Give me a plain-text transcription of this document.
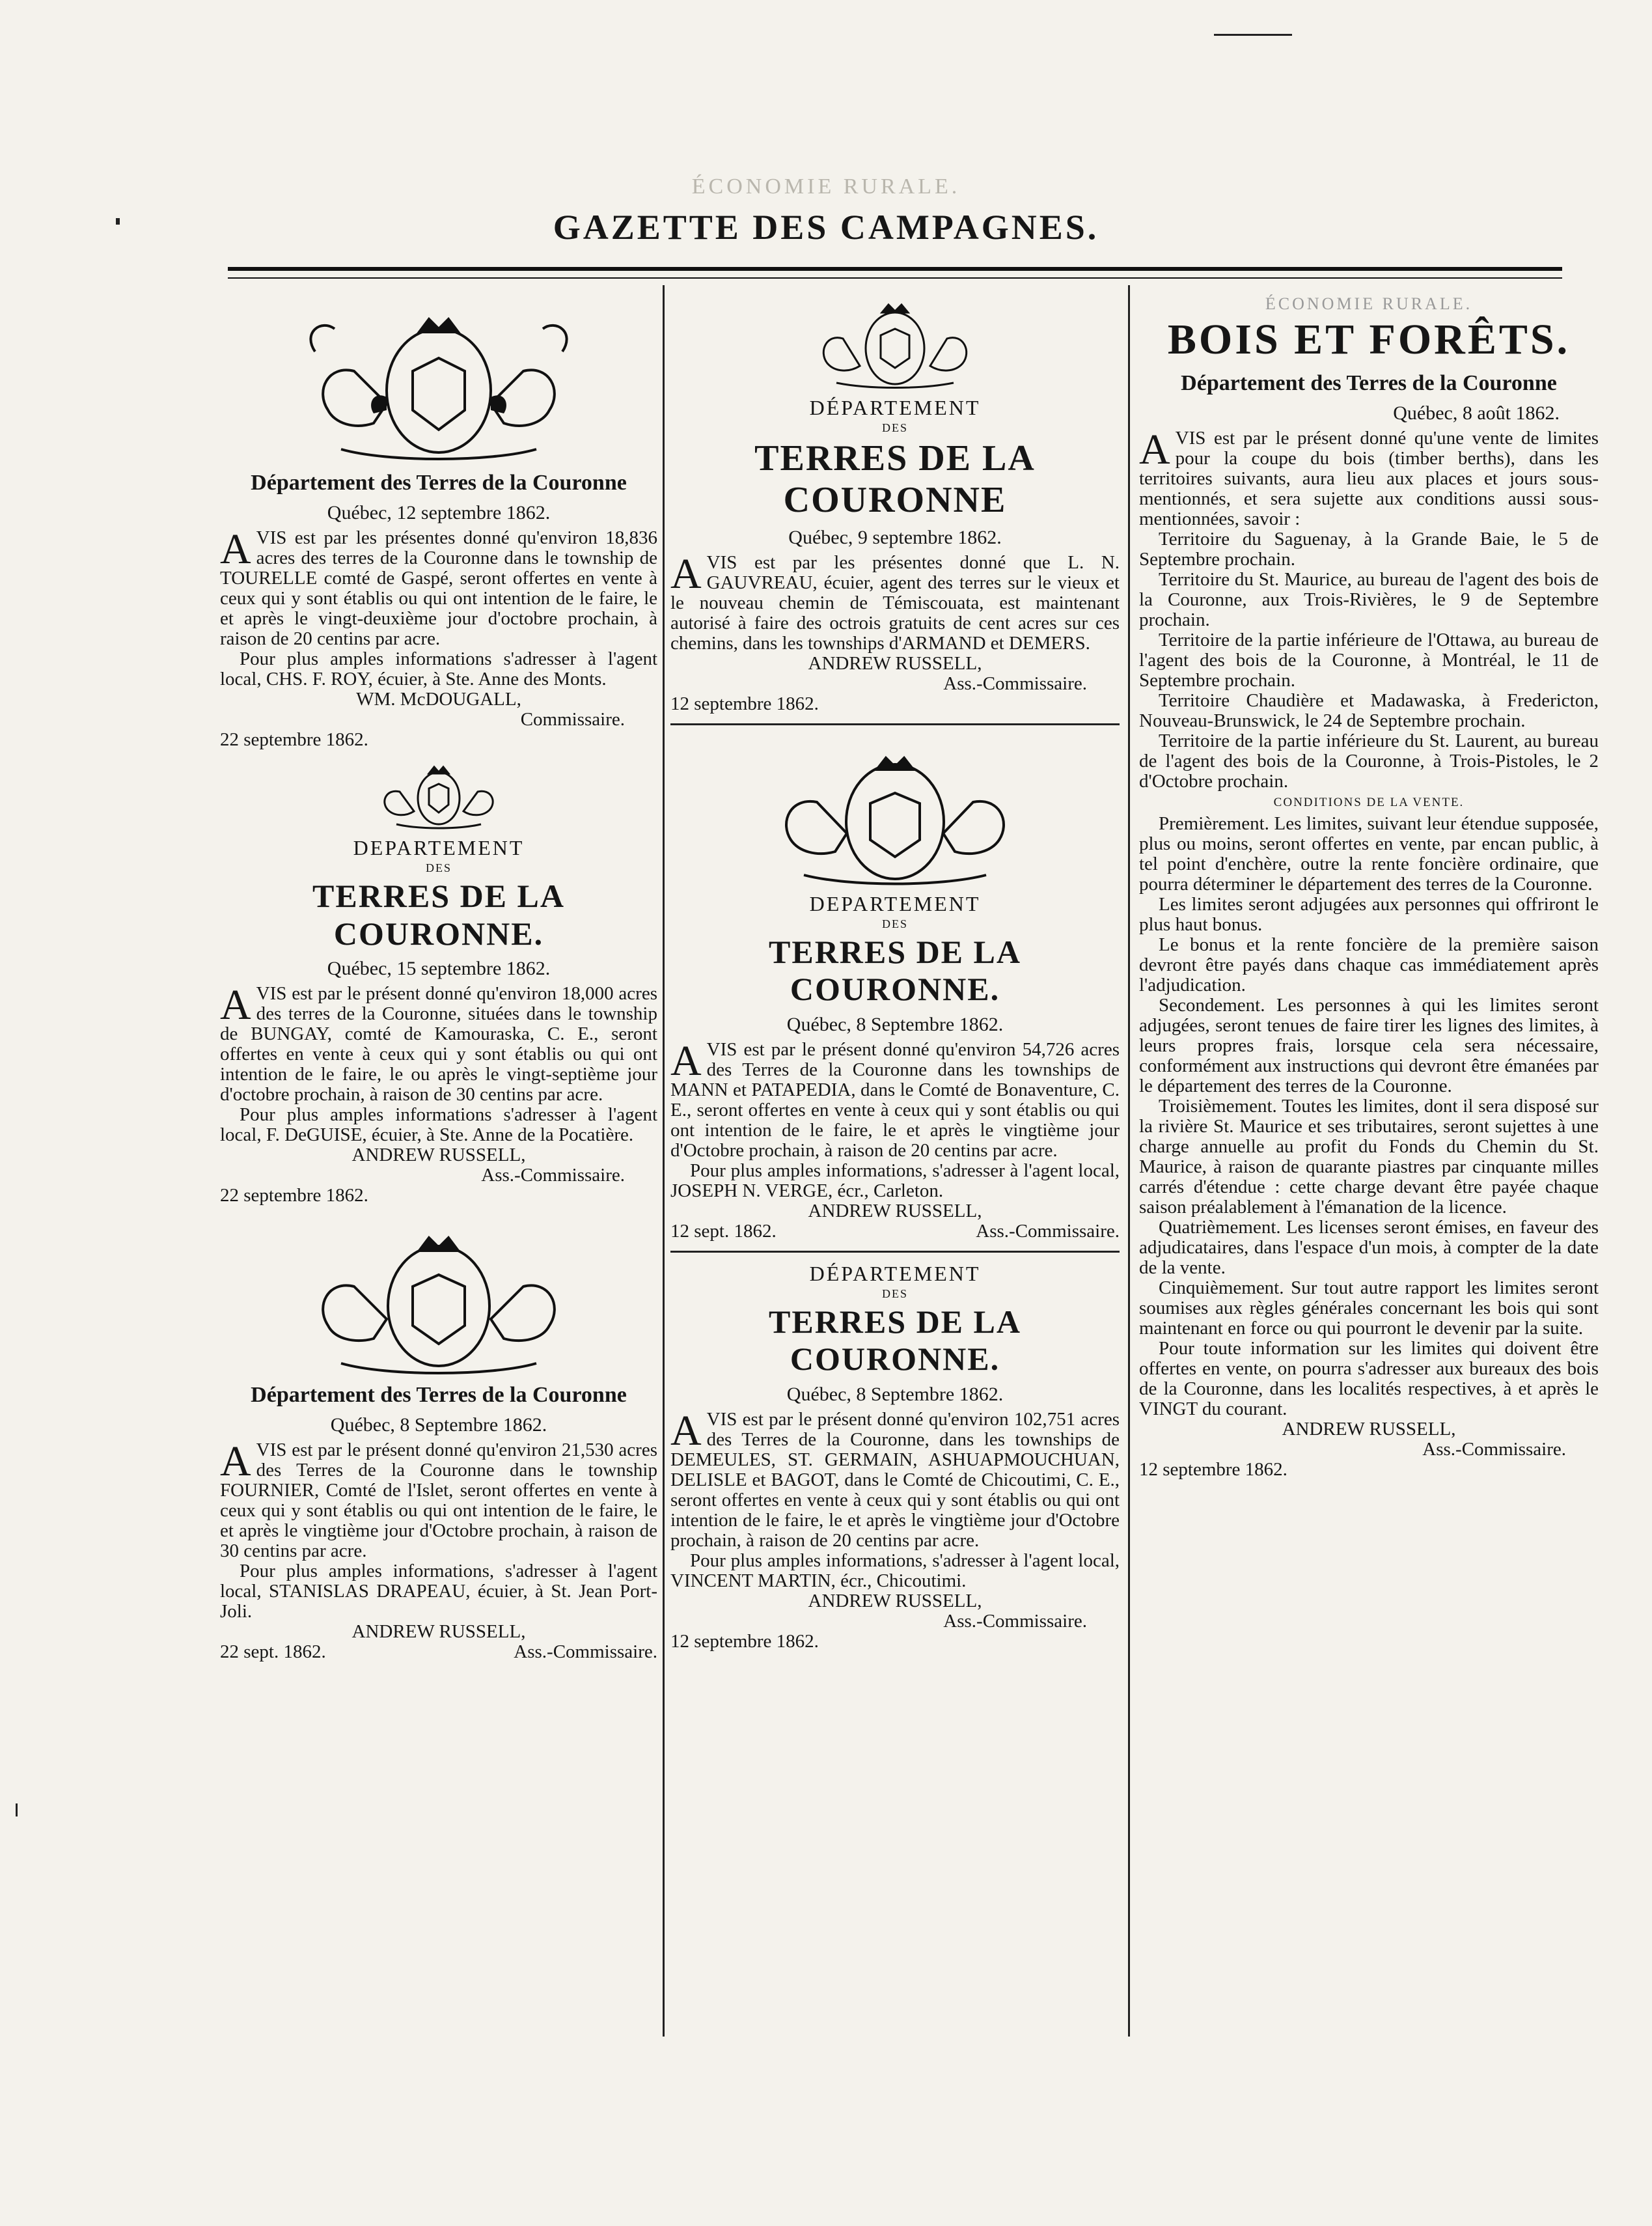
ÉCONOMIE RURALE.
GAZETTE DES CAMPAGNES.
Département des Terres de la Couronne
Québec, 12 septembre 1862.

AVIS est par les présentes donné qu'environ 18,836 acres des terres de la Couronne dans le township de TOURELLE comté de Gaspé, seront offertes en vente à ceux qui y sont établis ou qui ont intention de le faire, le et après le vingt-deuxième jour d'octobre prochain, à raison de 20 centins par acre.

Pour plus amples informations s'adresser à l'agent local, CHS. F. ROY, écuier, à Ste. Anne des Monts.

WM. McDOUGALL,
Commissaire.
22 septembre 1862.
DEPARTEMENT
DES
TERRES DE LA COURONNE.
Québec, 15 septembre 1862.

AVIS est par le présent donné qu'environ 18,000 acres des terres de la Couronne, situées dans le township de BUNGAY, comté de Kamouraska, C. E., seront offertes en vente à ceux qui y sont établis ou qui ont intention de le faire, le ou après le vingt-septième jour d'octobre prochain, à raison de 30 centins par acre.

Pour plus amples informations s'adresser à l'agent local, F. DeGUISE, écuier, à Ste. Anne de la Pocatière.

ANDREW RUSSELL,
Ass.-Commissaire.
22 septembre 1862.
Département des Terres de la Couronne
Québec, 8 Septembre 1862.

AVIS est par le présent donné qu'environ 21,530 acres des Terres de la Couronne dans le township FOURNIER, Comté de l'Islet, seront offertes en vente à ceux qui y sont établis ou qui ont intention de le faire, le et après le vingtième jour d'Octobre prochain, à raison de 30 centins par acre.

Pour plus amples informations, s'adresser à l'agent local, STANISLAS DRAPEAU, écuier, à St. Jean Port-Joli.

ANDREW RUSSELL,
22 sept. 1862.	Ass.-Commissaire.
DÉPARTEMENT
DES
TERRES DE LA COURONNE
Québec, 9 septembre 1862.

AVIS est par les présentes donné que L. N. GAUVREAU, écuier, agent des terres sur le vieux et le nouveau chemin de Témiscouata, est maintenant autorisé à faire des octrois gratuits de cent acres sur ces chemins, dans les townships d'ARMAND et DEMERS.

ANDREW RUSSELL,
Ass.-Commissaire.
12 septembre 1862.
DEPARTEMENT
DES
TERRES DE LA COURONNE.
Québec, 8 Septembre 1862.

AVIS est par le présent donné qu'environ 54,726 acres des Terres de la Couronne dans les townships de MANN et PATAPEDIA, dans le Comté de Bonaventure, C. E., seront offertes en vente à ceux qui y sont établis ou qui ont intention de le faire, le et après le vingtième jour d'Octobre prochain, à raison de 20 centins par acre.

Pour plus amples informations, s'adresser à l'agent local, JOSEPH N. VERGE, écr., Carleton.

ANDREW RUSSELL,
12 sept. 1862.	Ass.-Commissaire.
DÉPARTEMENT
DES
TERRES DE LA COURONNE.
Québec, 8 Septembre 1862.

AVIS est par le présent donné qu'environ 102,751 acres des Terres de la Couronne, dans les townships de DEMEULES, ST. GERMAIN, ASHUAPMOUCHUAN, DELISLE et BAGOT, dans le Comté de Chicoutimi, C. E., seront offertes en vente à ceux qui y sont établis ou qui ont intention de le faire, le et après le vingtième jour d'Octobre prochain, à raison de 20 centins par acre.

Pour plus amples informations, s'adresser à l'agent local, VINCENT MARTIN, écr., Chicoutimi.

ANDREW RUSSELL,
Ass.-Commissaire.
12 septembre 1862.
ÉCONOMIE RURALE.
BOIS ET FORÊTS.
Département des Terres de la Couronne
Québec, 8 août 1862.

AVIS est par le présent donné qu'une vente de limites pour la coupe du bois (timber berths), dans les territoires suivants, aura lieu aux places et jours sous-mentionnés, et sera sujette aux conditions aussi sous-mentionnées, savoir :

Territoire du Saguenay, à la Grande Baie, le 5 de Septembre prochain.

Territoire du St. Maurice, au bureau de l'agent des bois de la Couronne, aux Trois-Rivières, le 9 de Septembre prochain.

Territoire de la partie inférieure de l'Ottawa, au bureau de l'agent des bois de la Couronne, à Montréal, le 11 de Septembre prochain.

Territoire Chaudière et Madawaska, à Fredericton, Nouveau-Brunswick, le 24 de Septembre prochain.

Territoire de la partie inférieure du St. Laurent, au bureau de l'agent des bois de la Couronne, à Trois-Pistoles, le 2 d'Octobre prochain.

CONDITIONS DE LA VENTE.

Premièrement. Les limites, suivant leur étendue supposée, plus ou moins, seront offertes en vente, par encan public, à tel point d'enchère, outre la rente foncière ordinaire, que pourra déterminer le département des terres de la Couronne.

Les limites seront adjugées aux personnes qui offriront le plus haut bonus.

Le bonus et la rente foncière de la première saison devront être payés dans chaque cas immédiatement après l'adjudication.

Secondement. Les personnes à qui les limites seront adjugées, seront tenues de faire tirer les lignes des limites, à leurs propres frais, lorsque cela sera nécessaire, conformément aux instructions qui devront être émanées par le département des terres de la Couronne.

Troisièmement. Toutes les limites, dont il sera disposé sur la rivière St. Maurice et ses tributaires, seront sujettes à une charge annuelle au profit du Fonds du Chemin du St. Maurice, à raison de quarante piastres par cinquante milles carrés d'étendue : cette charge devant être payée chaque saison préalablement à l'émanation de la licence.

Quatrièmement. Les licenses seront émises, en faveur des adjudicataires, dans l'espace d'un mois, à compter de la date de la vente.

Cinquièmement. Sur tout autre rapport les limites seront soumises aux règles générales concernant les bois qui sont maintenant en force ou qui pourront le devenir par la suite.

Pour toute information sur les limites qui doivent être offertes en vente, on pourra s'adresser aux bureaux des bois de la Couronne, dans les localités respectives, à et après le VINGT du courant.

ANDREW RUSSELL,
Ass.-Commissaire.
12 septembre 1862.
